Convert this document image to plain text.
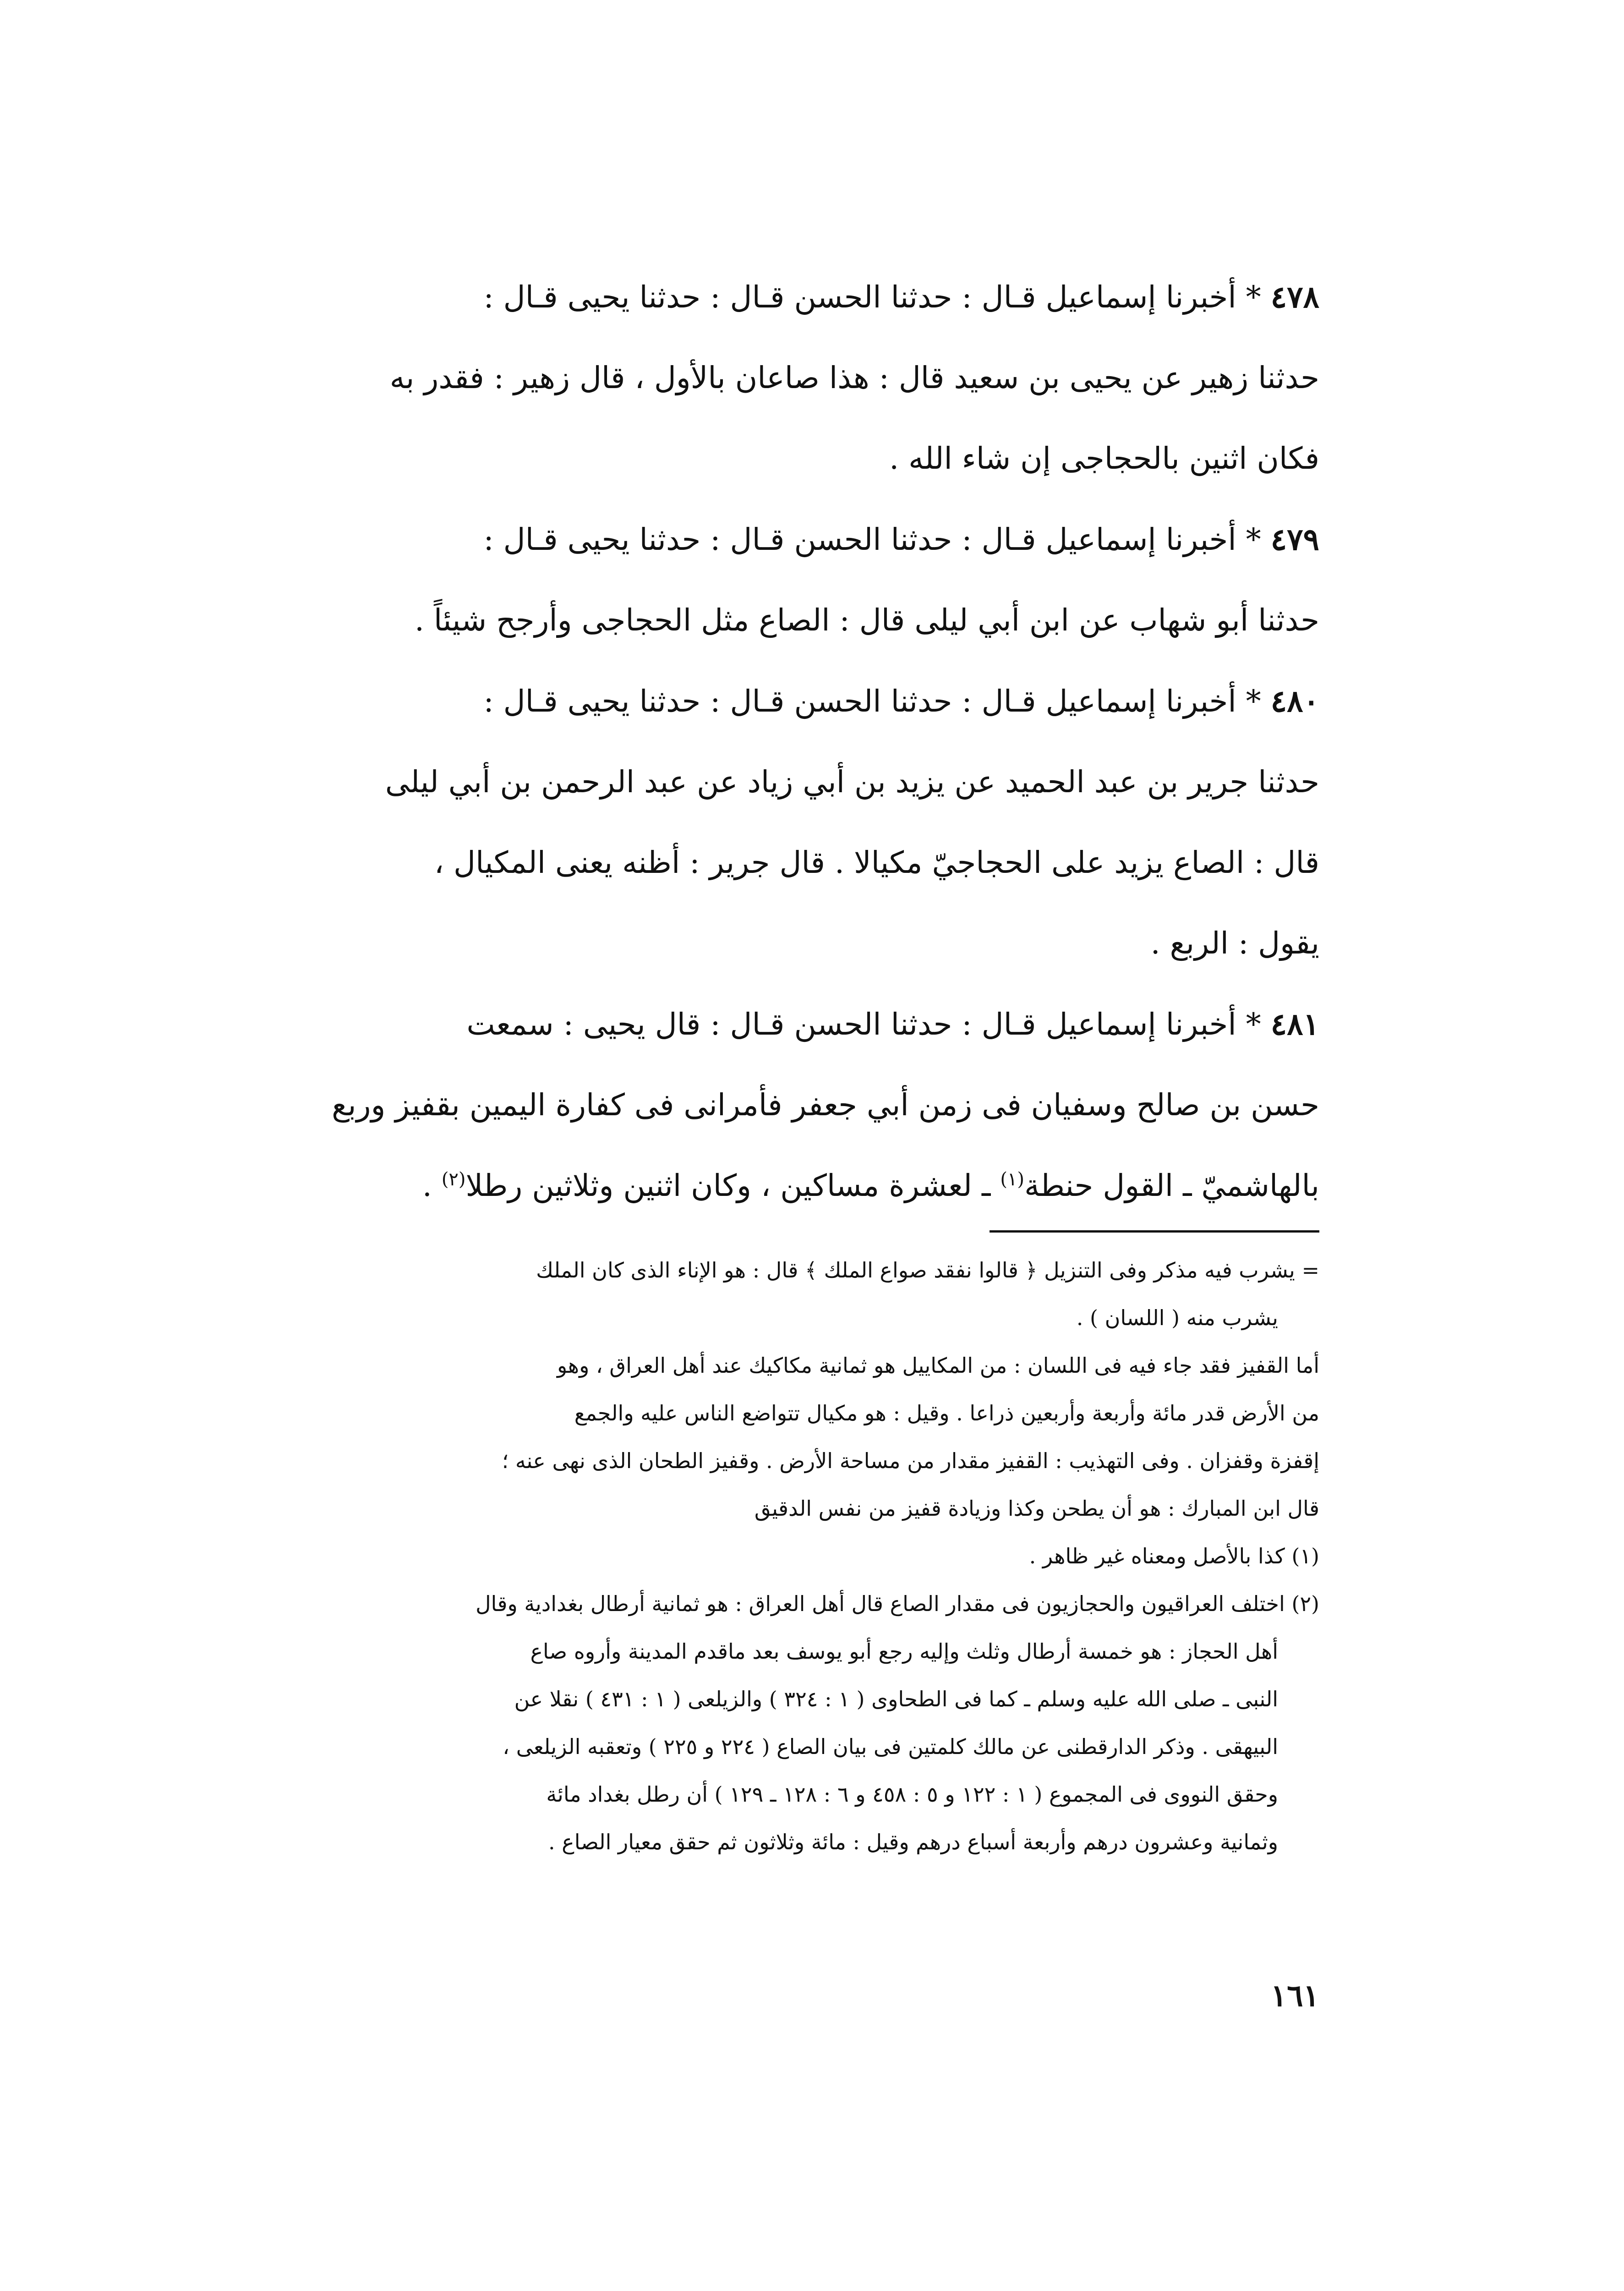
٤٧٨ * أخبرنا إسماعيل قـال : حدثنا الحسن قـال : حدثنا يحيى قـال :
حدثنا زهير عن يحيى بن سعيد قال : هذا صاعان بالأول ، قال زهير : فقدر به
فكان اثنين بالحجاجى إن شاء الله .

٤٧٩ * أخبرنا إسماعيل قـال : حدثنا الحسن قـال : حدثنا يحيى قـال :
حدثنا أبو شهاب عن ابن أبي ليلى قال : الصاع مثل الحجاجى وأرجح شيئاً .

٤٨٠ * أخبرنا إسماعيل قـال : حدثنا الحسن قـال : حدثنا يحيى قـال :
حدثنا جرير بن عبد الحميد عن يزيد بن أبي زياد عن عبد الرحمن بن أبي ليلى
قال : الصاع يزيد على الحجاجيّ مكيالا . قال جرير : أظنه يعنى المكيال ،
يقول : الربع .

٤٨١ * أخبرنا إسماعيل قـال : حدثنا الحسن قـال : قال يحيى : سمعت
حسن بن صالح وسفيان فى زمن أبي جعفر فأمرانى فى كفارة اليمين بقفيز وربع
بالهاشميّ ـ القول حنطة$^{(١)}$ ـ لعشرة مساكين ، وكان اثنين وثلاثين رطلا$^{(٢)}$ .

= يشرب فيه مذكر وفى التنزيل ﴿ قالوا نفقد صواع الملك ﴾ قال : هو الإناء الذى كان الملك
يشرب منه ( اللسان ) .

أما القفيز فقد جاء فيه فى اللسان : من المكاييل هو ثمانية مكاكيك عند أهل العراق ، وهو
من الأرض قدر مائة وأربعة وأربعين ذراعا . وقيل : هو مكيال تتواضع الناس عليه والجمع
إقفزة وقفزان . وفى التهذيب : القفيز مقدار من مساحة الأرض . وقفيز الطحان الذى نهى عنه ؛
قال ابن المبارك : هو أن يطحن وكذا وزيادة قفيز من نفس الدقيق

(١) كذا بالأصل ومعناه غير ظاهر .

(٢) اختلف العراقيون والحجازيون فى مقدار الصاع قال أهل العراق : هو ثمانية أرطال بغدادية وقال
أهل الحجاز : هو خمسة أرطال وثلث وإليه رجع أبو يوسف بعد ماقدم المدينة وأروه صاع
النبى ـ صلى الله عليه وسلم ـ كما فى الطحاوى ( ١ : ٣٢٤ ) والزيلعى ( ١ : ٤٣١ ) نقلا عن
البيهقى . وذكر الدارقطنى عن مالك كلمتين فى بيان الصاع ( ٢٢٤ و ٢٢٥ ) وتعقبه الزيلعى ،
وحقق النووى فى المجموع ( ١ : ١٢٢ و ٥ : ٤٥٨ و ٦ : ١٢٨ ـ ١٢٩ ) أن رطل بغداد مائة
وثمانية وعشرون درهم وأربعة أسباع درهم وقيل : مائة وثلاثون ثم حقق معيار الصاع .

١٦١
